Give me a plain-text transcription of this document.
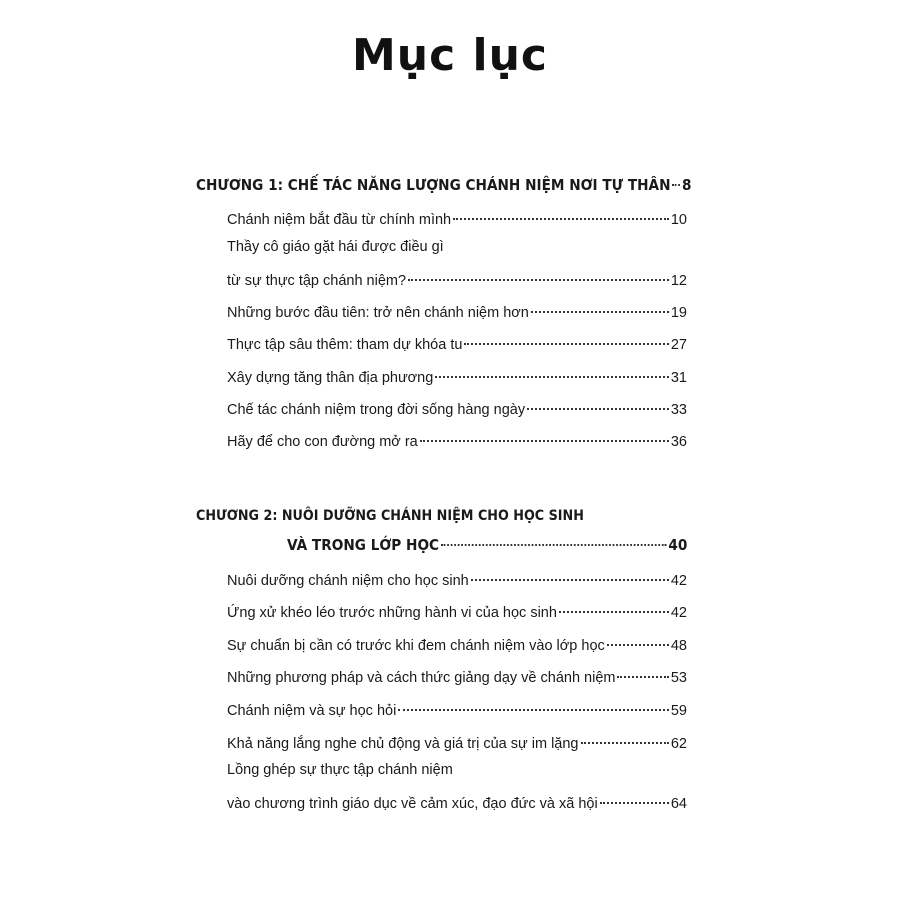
Mục lục
CHƯƠNG 1: CHẾ TÁC NĂNG LƯỢNG CHÁNH NIỆM NƠI TỰ THÂN 8
Chánh niệm bắt đầu từ chính mình	10
Thầy cô giáo gặt hái được điều gì
từ sự thực tập chánh niệm?	12
Những bước đầu tiên: trở nên chánh niệm hơn	19
Thực tập sâu thêm: tham dự khóa tu	27
Xây dựng tăng thân địa phương	31
Chế tác chánh niệm trong đời sống hàng ngày	33
Hãy để cho con đường mở ra	36
CHƯƠNG 2: NUÔI DƯỠNG CHÁNH NIỆM CHO HỌC SINH
VÀ TRONG LỚP HỌC	40
Nuôi dưỡng chánh niệm cho học sinh	42
Ứng xử khéo léo trước những hành vi của học sinh	42
Sự chuẩn bị cần có trước khi đem chánh niệm vào lớp học	48
Những phương pháp và cách thức giảng dạy về chánh niệm	53
Chánh niệm và sự học hỏi	59
Khả năng lắng nghe chủ động và giá trị của sự im lặng	62
Lồng ghép sự thực tập chánh niệm
vào chương trình giáo dục về cảm xúc, đạo đức và xã hội	64
